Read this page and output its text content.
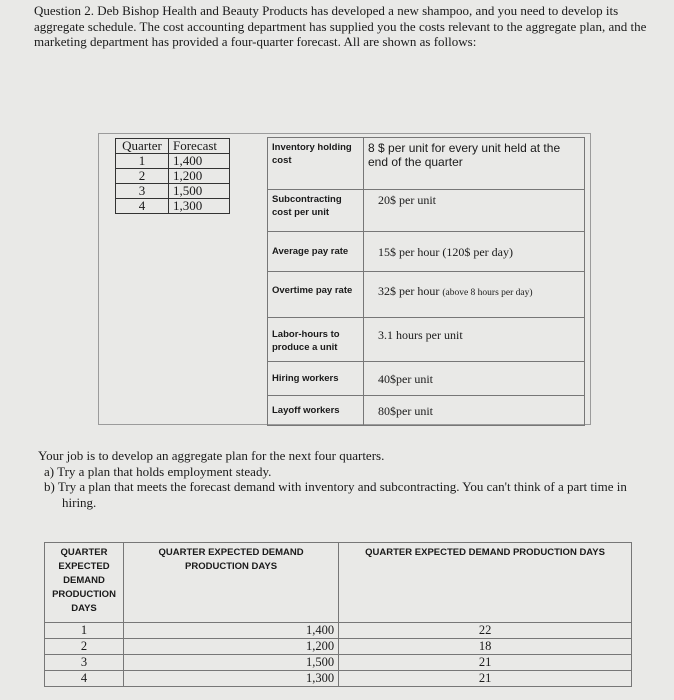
Question 2. Deb Bishop Health and Beauty Products has developed a new shampoo, and you need to develop its aggregate schedule. The cost accounting department has supplied you the costs relevant to the aggregate plan, and the marketing department has provided a four-quarter forecast. All are shown as follows:
Quarter	Forecast
1	1,400
2	1,200
3	1,500
4	1,300
Inventory holding cost	8 $ per unit for every unit held at the end of the quarter
Subcontracting cost per unit	20$ per unit
Average pay rate	15$ per hour (120$ per day)
Overtime pay rate	32$ per hour (above 8 hours per day)
Labor-hours to produce a unit	3.1 hours per unit
Hiring workers	40$per unit
Layoff workers	80$per unit
Your job is to develop an aggregate plan for the next four quarters.
a) Try a plan that holds employment steady.
b) Try a plan that meets the forecast demand with inventory and subcontracting. You can't think of a part time in hiring.
QUARTER EXPECTED DEMAND PRODUCTION DAYS	QUARTER EXPECTED DEMAND PRODUCTION DAYS	QUARTER EXPECTED DEMAND PRODUCTION DAYS
1	1,400	22
2	1,200	18
3	1,500	21
4	1,300	21
